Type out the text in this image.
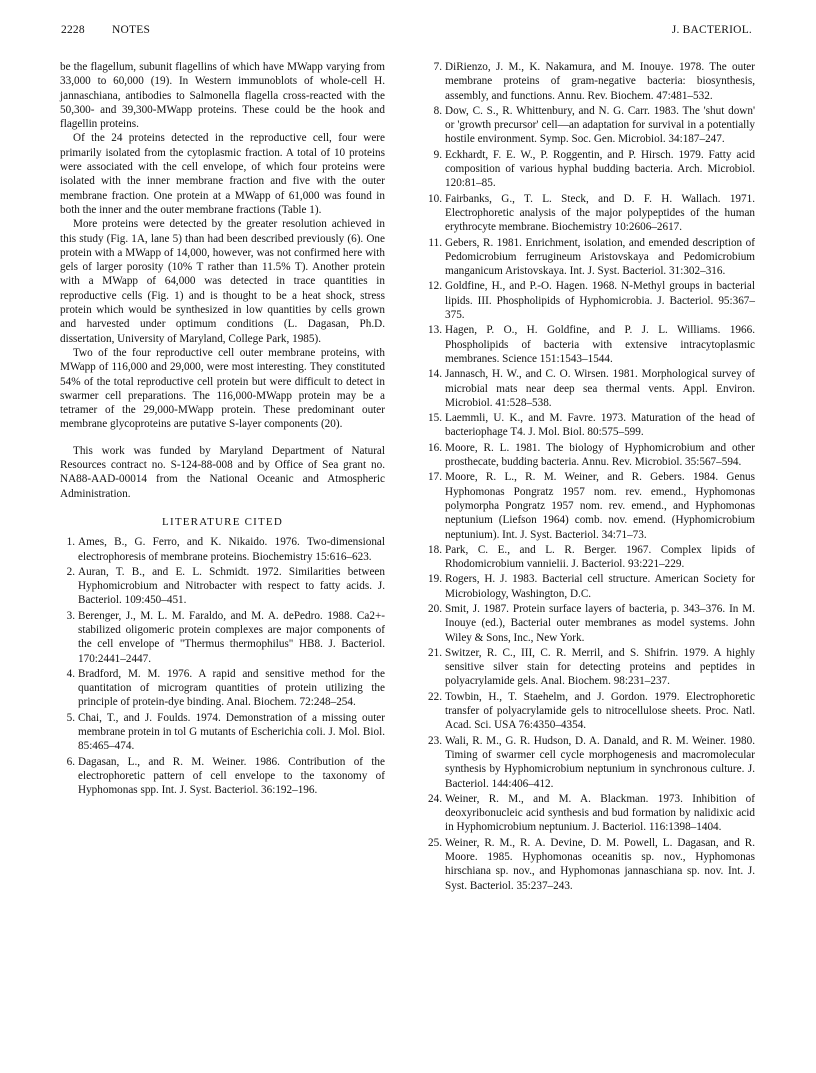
2228 NOTES	J. BACTERIOL.

be the flagellum, subunit flagellins of which have MWapp varying from 33,000 to 60,000 (19). In Western immunoblots of whole-cell H. jannaschiana, antibodies to Salmonella flagella cross-reacted with the 50,300- and 39,300-MWapp proteins. These could be the hook and flagellin proteins.

Of the 24 proteins detected in the reproductive cell, four were primarily isolated from the cytoplasmic fraction. A total of 10 proteins were associated with the cell envelope, of which four proteins were isolated with the inner membrane fraction and five with the outer membrane fraction. One protein at a MWapp of 61,000 was found in both the inner and the outer membrane fractions (Table 1).

More proteins were detected by the greater resolution achieved in this study (Fig. 1A, lane 5) than had been described previously (6). One protein with a MWapp of 14,000, however, was not confirmed here with gels of larger porosity (10% T rather than 11.5% T). Another protein with a MWapp of 64,000 was detected in trace quantities in reproductive cells (Fig. 1) and is thought to be a heat shock, stress protein which would be synthesized in low quantities by cells grown and harvested under optimum conditions (L. Dagasan, Ph.D. dissertation, University of Maryland, College Park, 1985).

Two of the four reproductive cell outer membrane proteins, with MWapp of 116,000 and 29,000, were most interesting. They constituted 54% of the total reproductive cell protein but were difficult to detect in swarmer cell preparations. The 116,000-MWapp protein may be a tetramer of the 29,000-MWapp protein. These predominant outer membrane glycoproteins are putative S-layer components (20).

This work was funded by Maryland Department of Natural Resources contract no. S-124-88-008 and by Office of Sea grant no. NA88-AAD-00014 from the National Oceanic and Atmospheric Administration.

LITERATURE CITED
1. Ames, B., G. Ferro, and K. Nikaido. 1976. Two-dimensional electrophoresis of membrane proteins. Biochemistry 15:616–623.
2. Auran, T. B., and E. L. Schmidt. 1972. Similarities between Hyphomicrobium and Nitrobacter with respect to fatty acids. J. Bacteriol. 109:450–451.
3. Berenger, J., M. L. M. Faraldo, and M. A. dePedro. 1988. Ca2+-stabilized oligomeric protein complexes are major components of the cell envelope of "Thermus thermophilus" HB8. J. Bacteriol. 170:2441–2447.
4. Bradford, M. M. 1976. A rapid and sensitive method for the quantitation of microgram quantities of protein utilizing the principle of protein-dye binding. Anal. Biochem. 72:248–254.
5. Chai, T., and J. Foulds. 1974. Demonstration of a missing outer membrane protein in tol G mutants of Escherichia coli. J. Mol. Biol. 85:465–474.
6. Dagasan, L., and R. M. Weiner. 1986. Contribution of the electrophoretic pattern of cell envelope to the taxonomy of Hyphomonas spp. Int. J. Syst. Bacteriol. 36:192–196.
7. DiRienzo, J. M., K. Nakamura, and M. Inouye. 1978. The outer membrane proteins of gram-negative bacteria: biosynthesis, assembly, and functions. Annu. Rev. Biochem. 47:481–532.
8. Dow, C. S., R. Whittenbury, and N. G. Carr. 1983. The 'shut down' or 'growth precursor' cell—an adaptation for survival in a potentially hostile environment. Symp. Soc. Gen. Microbiol. 34:187–247.
9. Eckhardt, F. E. W., P. Roggentin, and P. Hirsch. 1979. Fatty acid composition of various hyphal budding bacteria. Arch. Microbiol. 120:81–85.
10. Fairbanks, G., T. L. Steck, and D. F. H. Wallach. 1971. Electrophoretic analysis of the major polypeptides of the human erythrocyte membrane. Biochemistry 10:2606–2617.
11. Gebers, R. 1981. Enrichment, isolation, and emended description of Pedomicrobium ferrugineum Aristovskaya and Pedomicrobium manganicum Aristovskaya. Int. J. Syst. Bacteriol. 31:302–316.
12. Goldfine, H., and P.-O. Hagen. 1968. N-Methyl groups in bacterial lipids. III. Phospholipids of Hyphomicrobia. J. Bacteriol. 95:367–375.
13. Hagen, P. O., H. Goldfine, and P. J. L. Williams. 1966. Phospholipids of bacteria with extensive intracytoplasmic membranes. Science 151:1543–1544.
14. Jannasch, H. W., and C. O. Wirsen. 1981. Morphological survey of microbial mats near deep sea thermal vents. Appl. Environ. Microbiol. 41:528–538.
15. Laemmli, U. K., and M. Favre. 1973. Maturation of the head of bacteriophage T4. J. Mol. Biol. 80:575–599.
16. Moore, R. L. 1981. The biology of Hyphomicrobium and other prosthecate, budding bacteria. Annu. Rev. Microbiol. 35:567–594.
17. Moore, R. L., R. M. Weiner, and R. Gebers. 1984. Genus Hyphomonas Pongratz 1957 nom. rev. emend., Hyphomonas polymorpha Pongratz 1957 nom. rev. emend., and Hyphomonas neptunium (Liefson 1964) comb. nov. emend. (Hyphomicrobium neptunium). Int. J. Syst. Bacteriol. 34:71–73.
18. Park, C. E., and L. R. Berger. 1967. Complex lipids of Rhodomicrobium vannielii. J. Bacteriol. 93:221–229.
19. Rogers, H. J. 1983. Bacterial cell structure. American Society for Microbiology, Washington, D.C.
20. Smit, J. 1987. Protein surface layers of bacteria, p. 343–376. In M. Inouye (ed.), Bacterial outer membranes as model systems. John Wiley & Sons, Inc., New York.
21. Switzer, R. C., III, C. R. Merril, and S. Shifrin. 1979. A highly sensitive silver stain for detecting proteins and peptides in polyacrylamide gels. Anal. Biochem. 98:231–237.
22. Towbin, H., T. Staehelm, and J. Gordon. 1979. Electrophoretic transfer of polyacrylamide gels to nitrocellulose sheets. Proc. Natl. Acad. Sci. USA 76:4350–4354.
23. Wali, R. M., G. R. Hudson, D. A. Danald, and R. M. Weiner. 1980. Timing of swarmer cell cycle morphogenesis and macromolecular synthesis by Hyphomicrobium neptunium in synchronous culture. J. Bacteriol. 144:406–412.
24. Weiner, R. M., and M. A. Blackman. 1973. Inhibition of deoxyribonucleic acid synthesis and bud formation by nalidixic acid in Hyphomicrobium neptunium. J. Bacteriol. 116:1398–1404.
25. Weiner, R. M., R. A. Devine, D. M. Powell, L. Dagasan, and R. Moore. 1985. Hyphomonas oceanitis sp. nov., Hyphomonas hirschiana sp. nov., and Hyphomonas jannaschiana sp. nov. Int. J. Syst. Bacteriol. 35:237–243.
